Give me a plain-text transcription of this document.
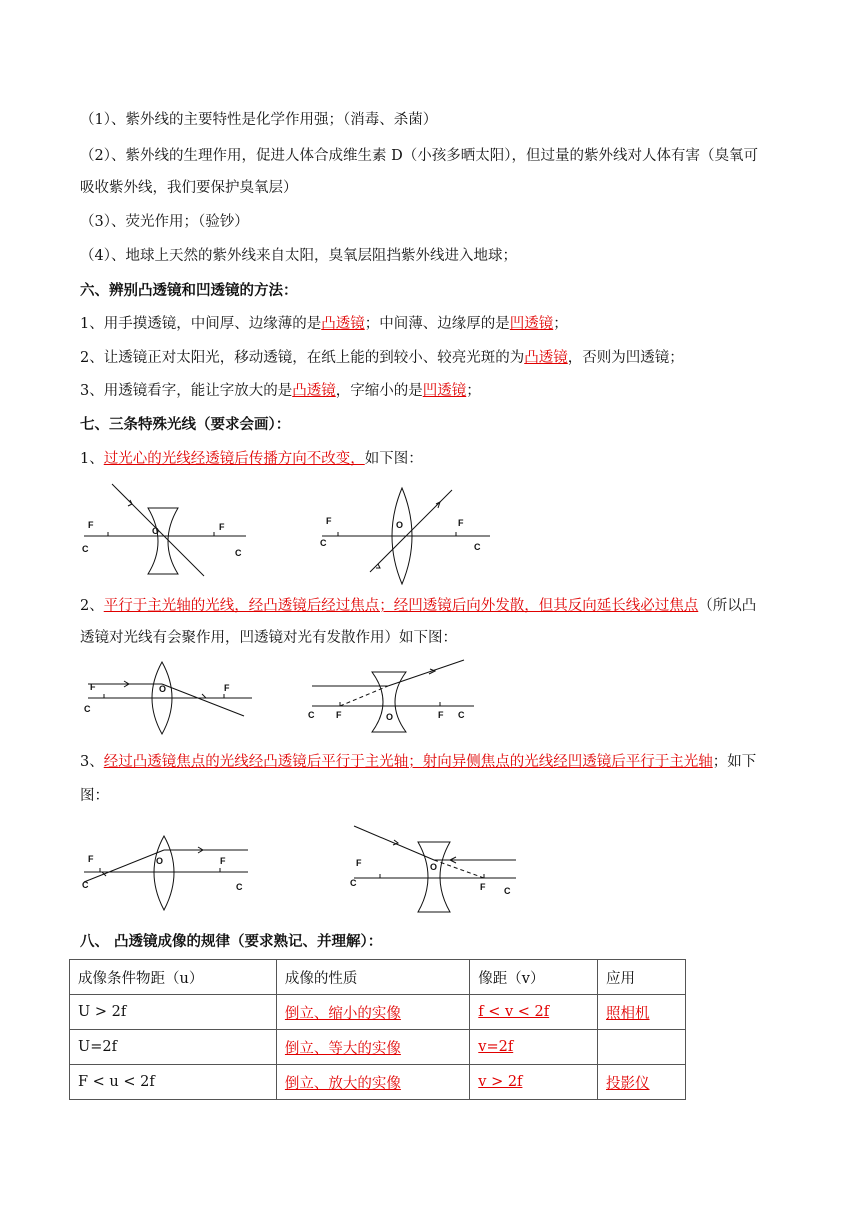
（1）、紫外线的主要特性是化学作用强；（消毒、杀菌）
（2）、紫外线的生理作用，促进人体合成维生素 D（小孩多晒太阳），但过量的紫外线对人体有害（臭氧可
吸收紫外线，我们要保护臭氧层）
（3）、荧光作用；（验钞）
（4）、地球上天然的紫外线来自太阳，臭氧层阻挡紫外线进入地球；
六、辨别凸透镜和凹透镜的方法：
1、用手摸透镜，中间厚、边缘薄的是凸透镜；中间薄、边缘厚的是凹透镜；
2、让透镜正对太阳光，移动透镜，在纸上能的到较小、较亮光斑的为凸透镜，否则为凹透镜；
3、用透镜看字，能让字放大的是凸透镜，字缩小的是凹透镜；
七、三条特殊光线（要求会画）：
1、过光心的光线经透镜后传播方向不改变，如下图：
F	F
O
C	C
F	F
O
C	C
2、平行于主光轴的光线，经凸透镜后经过焦点；经凹透镜后向外发散，但其反向延长线必过焦点（所以凸
透镜对光线有会聚作用，凹透镜对光有发散作用）如下图：
F	F
O
C
F	F
O
C	C
3、经过凸透镜焦点的光线经凸透镜后平行于主光轴；射向异侧焦点的光线经凹透镜后平行于主光轴；如下
图：
F	F
O
C	C
F
F
O
C
C
八、 凸透镜成像的规律（要求熟记、并理解）：
成像条件物距（u）	成像的性质	像距（v）	应用
U > 2f	倒立、缩小的实像	f < v < 2f	照相机
U=2f	倒立、等大的实像	v=2f	
F < u < 2f	倒立、放大的实像	v > 2f	投影仪
